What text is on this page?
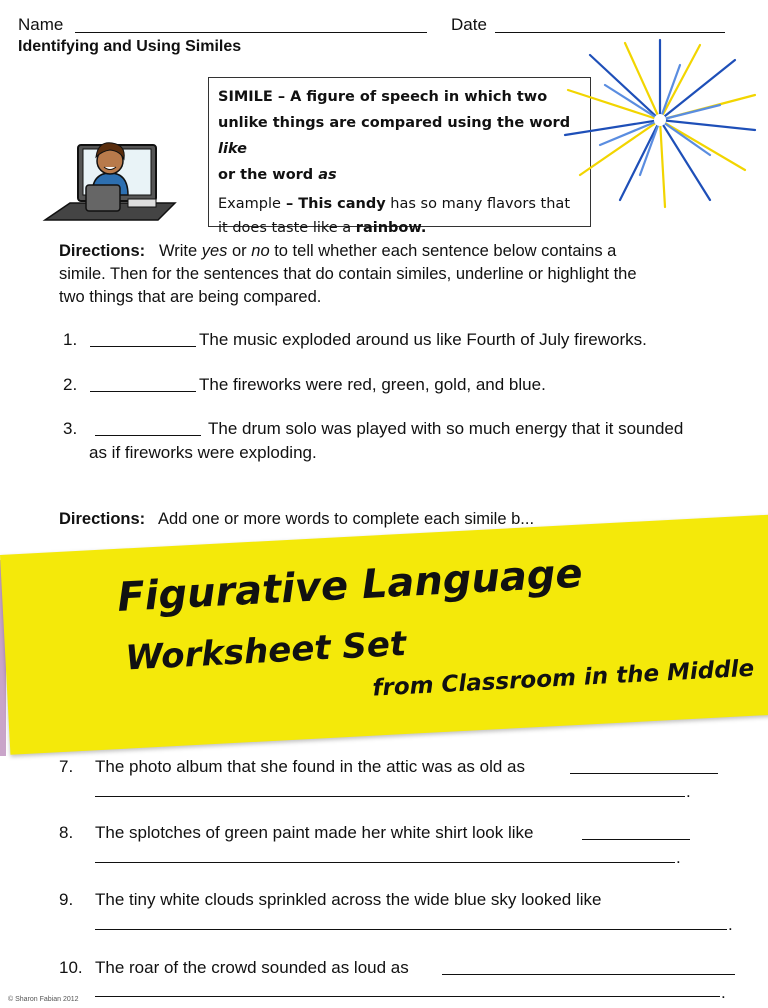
Name	Date
Identifying and Using Similes
SIMILE – A figure of speech in which two
unlike things are compared using the word like
or the word as
Example – This candy has so many flavors that
it does taste like a rainbow.
Directions: Write yes or no to tell whether each sentence below contains a
simile. Then for the sentences that do contain similes, underline or highlight the
two things that are being compared.
1.	The music exploded around us like Fourth of July fireworks.
2.	The fireworks were red, green, gold, and blue.
3.	The drum solo was played with so much energy that it sounded
as if fireworks were exploding.
Directions: Add one or more words to complete each simile b...
Figurative Language
Worksheet Set
from Classroom in the Middle
7. The photo album that she found in the attic was as old as
.
8. The splotches of green paint made her white shirt look like
.
9. The tiny white clouds sprinkled across the wide blue sky looked like
.
10. The roar of the crowd sounded as loud as
.
© Sharon Fabian 2012
